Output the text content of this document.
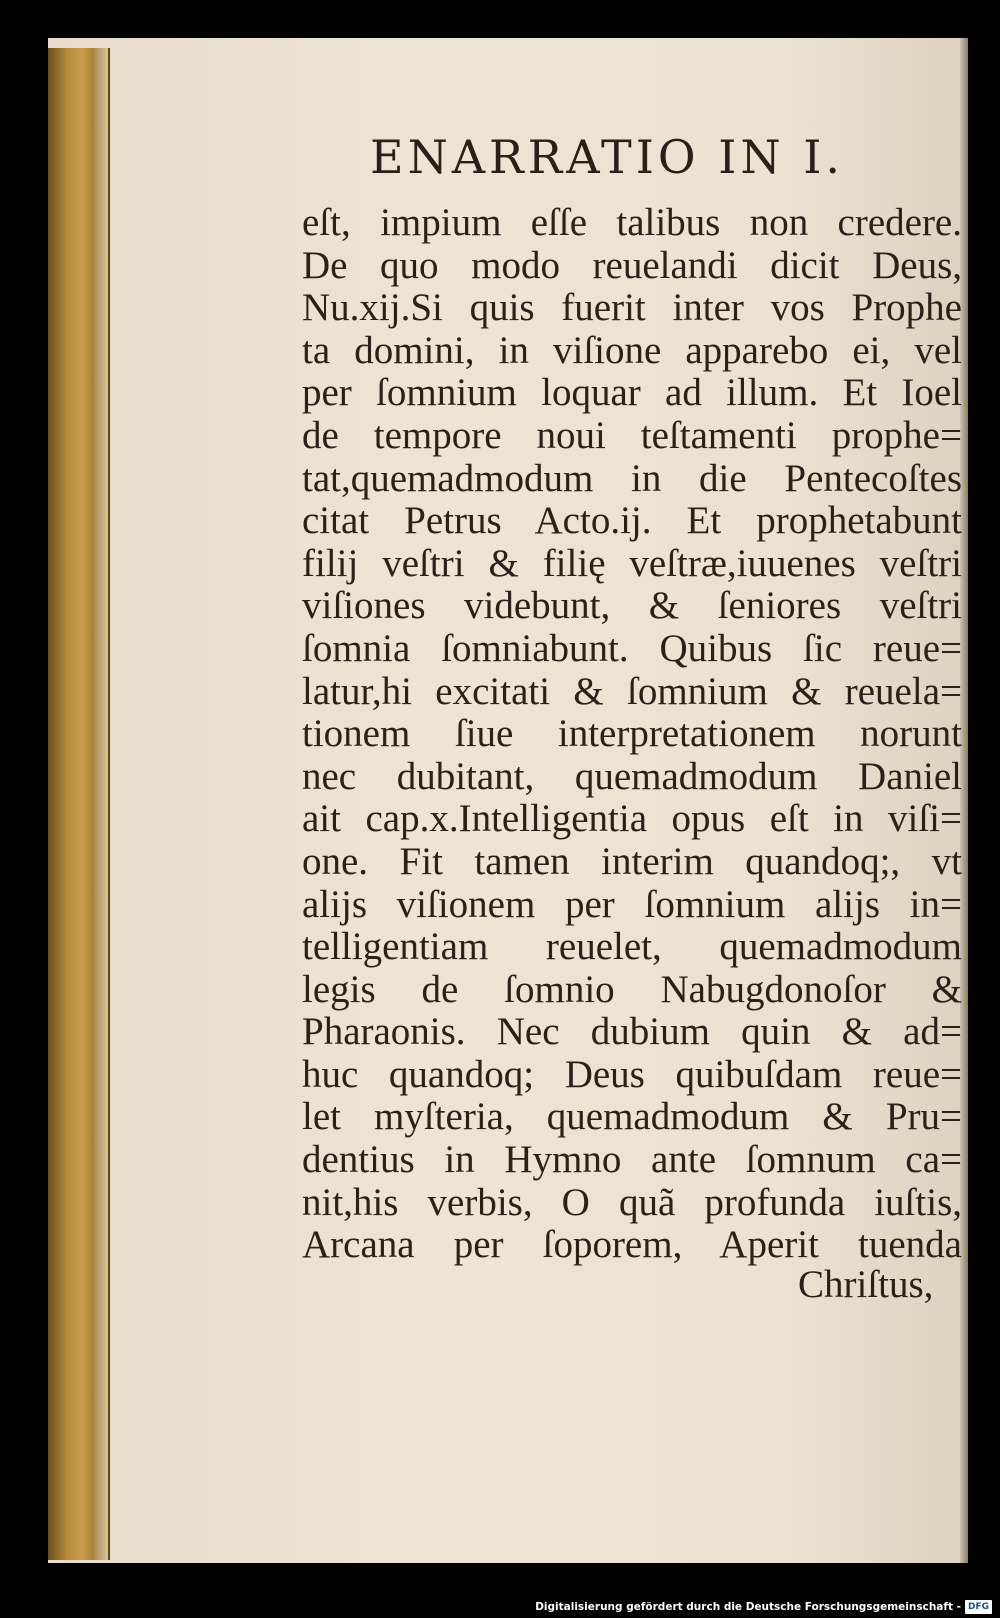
ENARRATIO IN I.
eſt, impium eſſe talibus non credere.
De quo modo reuelandi dicit Deus,
Nu.xij.Si quis fuerit inter vos Prophe
ta domini, in viſione apparebo ei, vel
per ſomnium loquar ad illum. Et Ioel
de tempore noui teſtamenti prophe=
tat,quemadmodum in die Pentecoſtes
citat Petrus Acto.ij. Et prophetabunt
filij veſtri & filię veſtræ,iuuenes veſtri
viſiones videbunt, & ſeniores veſtri
ſomnia ſomniabunt. Quibus ſic reue=
latur,hi excitati & ſomnium & reuela=
tionem ſiue interpretationem norunt
nec dubitant, quemadmodum Daniel
ait cap.x.Intelligentia opus eſt in viſi=
one. Fit tamen interim quandoq;, vt
alijs viſionem per ſomnium alijs in=
telligentiam reuelet, quemadmodum
legis de ſomnio Nabugdonoſor &
Pharaonis. Nec dubium quin & ad=
huc quandoq; Deus quibuſdam reue=
let myſteria, quemadmodum & Pru=
dentius in Hymno ante ſomnum ca=
nit,his verbis, O quã profunda iuſtis,
Arcana per ſoporem, Aperit tuenda
Chriſtus,
Digitalisierung gefördert durch die Deutsche Forschungsgemeinschaft - DFG
